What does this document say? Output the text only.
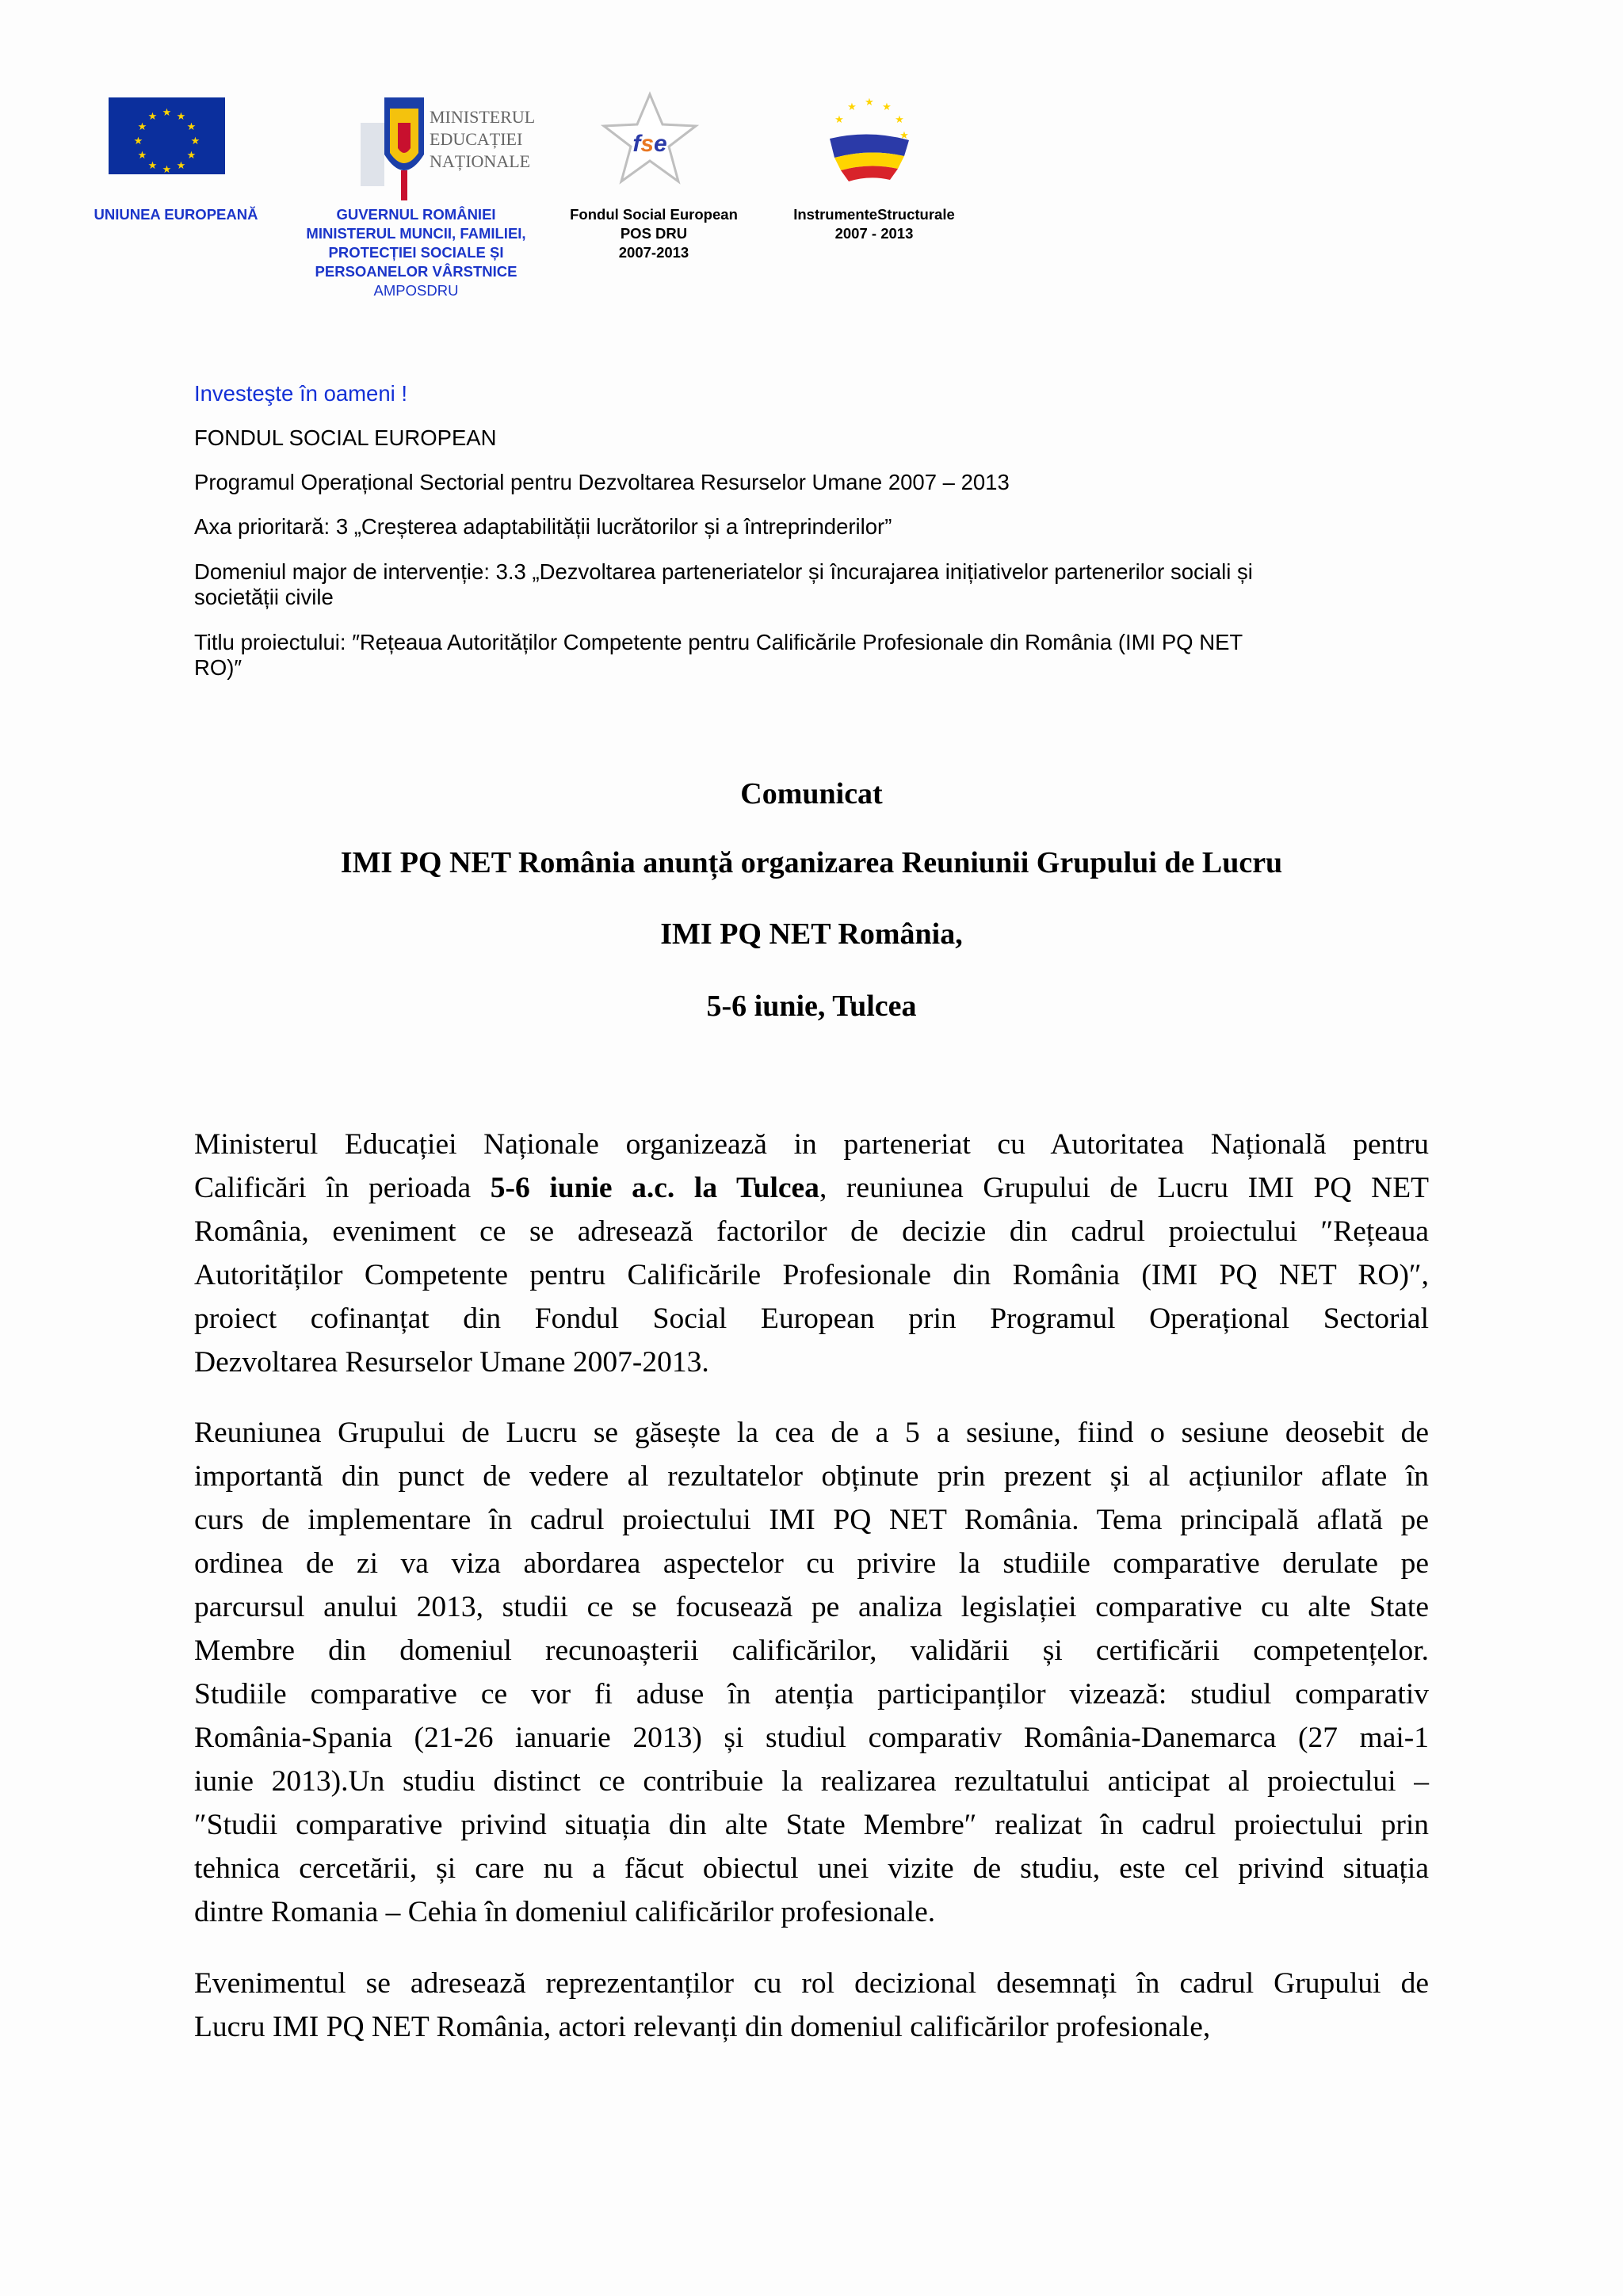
★ ★
★
★
★
★
★
★
★
★
★
★	MINISTERUL
EDUCAȚIEI
NAȚIONALE
fse
★ ★
★
★
★
★
UNIUNEA EUROPEANĂ	GUVERNUL ROMÂNIEI
MINISTERUL MUNCII, FAMILIEI,
PROTECȚIEI SOCIALE ȘI
PERSOANELOR VÂRSTNICE
AMPOSDRU
Fondul Social European
POS DRU
2007-2013
InstrumenteStructurale
2007 - 2013
Investeşte în oameni !
FONDUL SOCIAL EUROPEAN
Programul Operațional Sectorial pentru Dezvoltarea Resurselor Umane 2007 – 2013
Axa prioritară: 3 „Creșterea adaptabilității lucrătorilor și a întreprinderilor”
Domeniul major de intervenție: 3.3 „Dezvoltarea parteneriatelor și încurajarea inițiativelor partenerilor sociali și
societății civile
Titlu proiectului: ″Rețeaua Autorităților Competente pentru Calificările Profesionale din România (IMI PQ NET
RO)″
Comunicat
IMI PQ NET România anunță organizarea Reuniunii Grupului de Lucru
IMI PQ NET România,
5-6 iunie, Tulcea
Ministerul Educației Naționale organizează in parteneriat cu Autoritatea Națională pentru
Calificări în perioada 5-6 iunie a.c. la Tulcea, reuniunea Grupului de Lucru IMI PQ NET
România, eveniment ce se adresează factorilor de decizie din cadrul proiectului ″Rețeaua
Autorităților Competente pentru Calificările Profesionale din România (IMI PQ NET RO)″,
proiect cofinanțat din Fondul Social European prin Programul Operațional Sectorial
Dezvoltarea Resurselor Umane 2007-2013.
Reuniunea Grupului de Lucru se găsește la cea de a 5 a sesiune, fiind o sesiune deosebit de
importantă din punct de vedere al rezultatelor obținute prin prezent și al acțiunilor aflate în
curs de implementare în cadrul proiectului IMI PQ NET România. Tema principală aflată pe
ordinea de zi va viza abordarea aspectelor cu privire la studiile comparative derulate pe
parcursul anului 2013, studii ce se focusează pe analiza legislației comparative cu alte State
Membre din domeniul recunoașterii calificărilor, validării și certificării competențelor.
Studiile comparative ce vor fi aduse în atenția participanților vizează: studiul comparativ
România-Spania (21-26 ianuarie 2013) și studiul comparativ România-Danemarca (27 mai-1
iunie 2013).Un studiu distinct ce contribuie la realizarea rezultatului anticipat al proiectului –
″Studii comparative privind situația din alte State Membre″ realizat în cadrul proiectului prin
tehnica cercetării, și care nu a făcut obiectul unei vizite de studiu, este cel privind situația
dintre Romania – Cehia în domeniul calificărilor profesionale.
Evenimentul se adresează reprezentanților cu rol decizional desemnați în cadrul Grupului de
Lucru IMI PQ NET România, actori relevanți din domeniul calificărilor profesionale,
